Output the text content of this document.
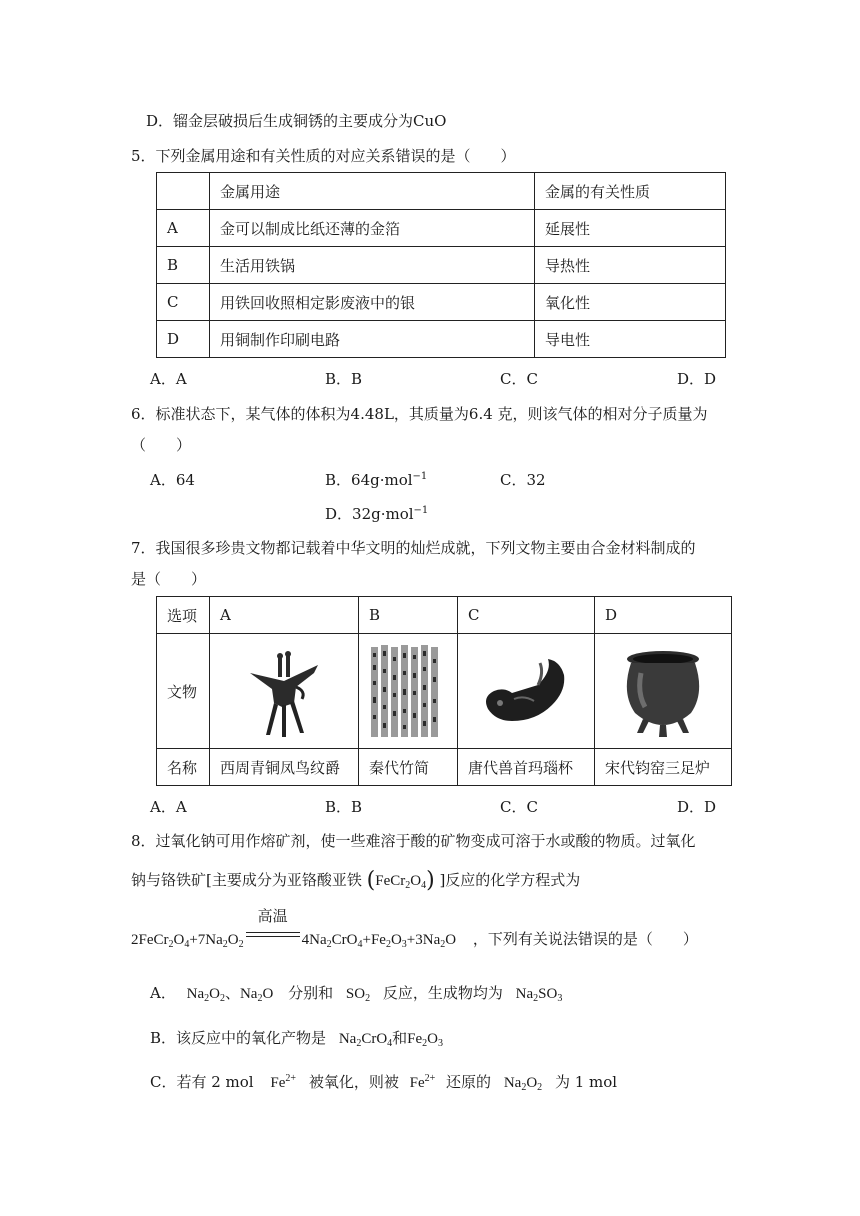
D．镏金层破损后生成铜锈的主要成分为CuO
5．下列金属用途和有关性质的对应关系错误的是（　　）
	金属用途	金属的有关性质
A	金可以制成比纸还薄的金箔	延展性
B	生活用铁锅	导热性
C	用铁回收照相定影废液中的银	氧化性
D	用铜制作印刷电路	导电性
A．A	B．B	C．C	D．D
6．标准状态下，某气体的体积为4.48L，其质量为6.4 克，则该气体的相对分子质量为
（　　）
A．64	B．64g·mol$^{-1}$	C．32
D．32g·mol$^{-1}$
7．我国很多珍贵文物都记载着中华文明的灿烂成就，下列文物主要由合金材料制成的
是（　　）
选项	A	B	C	D
文物	

名称	西周青铜凤鸟纹爵	秦代竹简	唐代兽首玛瑙杯	宋代钧窑三足炉
A．A	B．B	C．C	D．D
8．过氧化钠可用作熔矿剂，使一些难溶于酸的矿物变成可溶于水或酸的物质。过氧化
钠与铬铁矿[主要成分为亚铬酸亚铁 $(FeCr_2O_4)$ ]反应的化学方程式为
$2FeCr_2O_4+7Na_2O_2$
高温
$4Na_2CrO_4+Fe_2O_3+3Na_2O$ ，下列有关说法错误的是（　　）
A． $Na_2O_2$、$Na_2O$ 分别和 $SO_2$ 反应，生成物均为 $Na_2SO_3$
B．该反应中的氧化产物是 $Na_2CrO_4$和$Fe_2O_3$
C．若有 2 mol $Fe^{2+}$ 被氧化，则被 $Fe^{2+}$ 还原的 $Na_2O_2$ 为 1 mol
